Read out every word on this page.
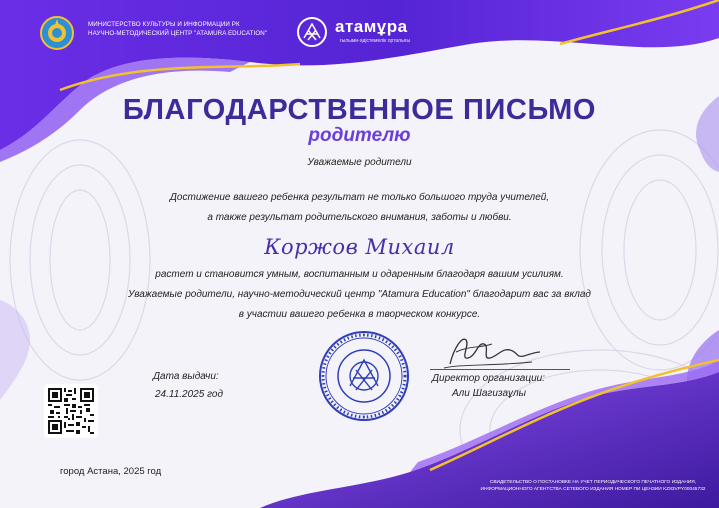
МИНИСТЕРСТВО КУЛЬТУРЫ И ИНФОРМАЦИИ РК
НАУЧНО-МЕТОДИЧЕСКИЙ ЦЕНТР "ATAMURA EDUCATION"	атамұра
ғылыми-әдістемелік орталығы
БЛАГОДАРСТВЕННОЕ ПИСЬМО
родителю
Уважаемые родители
Достижение вашего ребенка результат не только большого труда учителей,
а также результат родительского внимания, заботы и любви.
Коржов Михаил
растет и становится умным, воспитанным и одаренным благодаря вашим усилиям.
Уважаемые родители, научно-методический центр "Atamura Education" благодарит вас за вклад
в участии вашего ребенка в творческом конкурсе.
Дата выдачи:
24.11.2025 год
Директор организации:
Али Шагизаұлы
город Астана, 2025 год
СВИДЕТЕЛЬСТВО О ПОСТАНОВКЕ НА УЧЕТ ПЕРИОДИЧЕСКОГО ПЕЧАТНОГО ИЗДАНИЯ,
ИНФОРМАЦИОННОГО АГЕНТСТВА СЕТЕВОГО ИЗДАНИЯ НОМЕР ПИ ЦЕНЗИИ KZ83VPY00045732
